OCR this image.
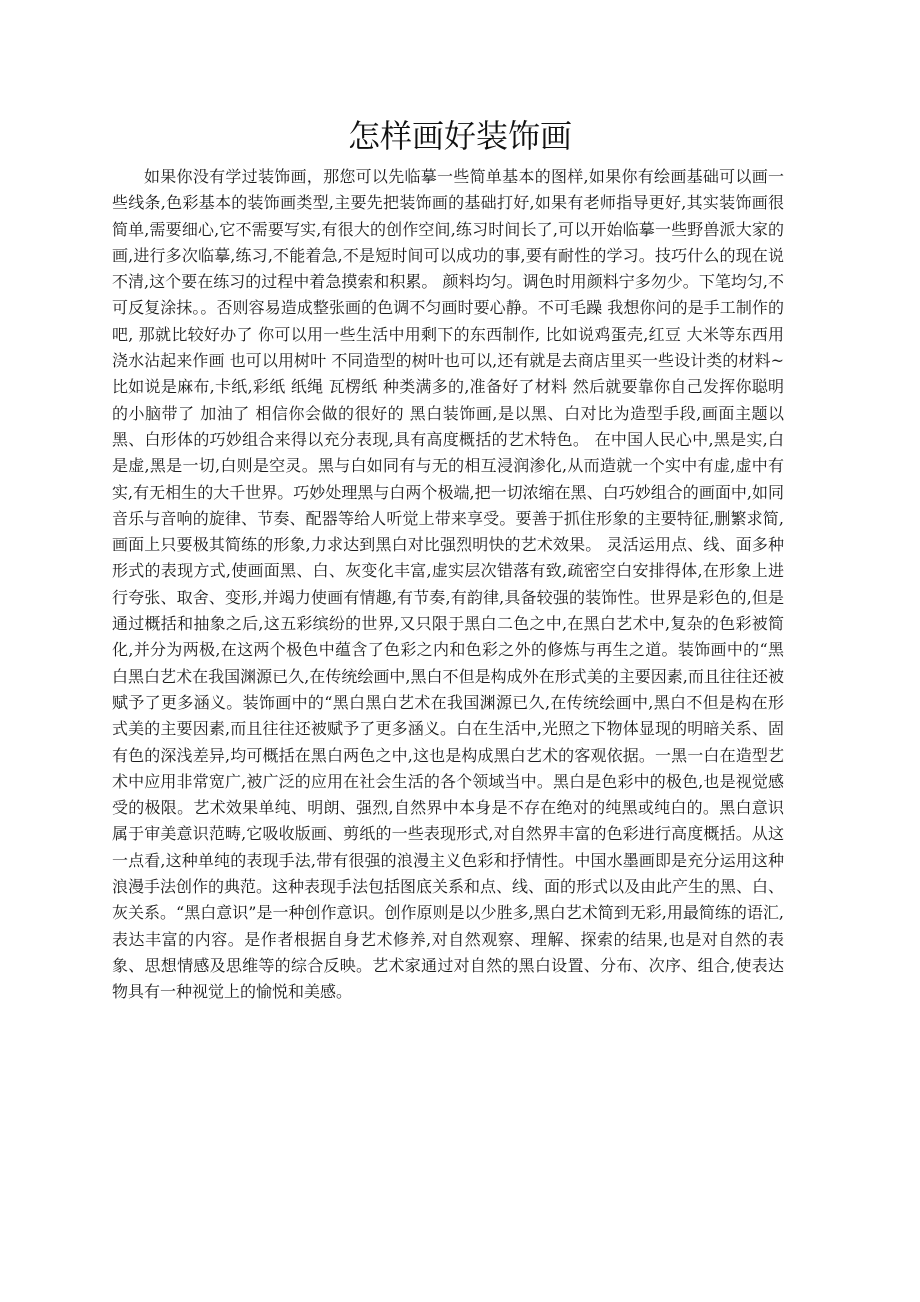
怎样画好装饰画

如果你没有学过装饰画，那您可以先临摹一些简单基本的图样,如果你有绘画基础可以画一些线条,色彩基本的装饰画类型,主要先把装饰画的基础打好,如果有老师指导更好,其实装饰画很简单,需要细心,它不需要写实,有很大的创作空间,练习时间长了,可以开始临摹一些野兽派大家的画,进行多次临摹,练习,不能着急,不是短时间可以成功的事,要有耐性的学习。技巧什么的现在说不清,这个要在练习的过程中着急摸索和积累。 颜料均匀。调色时用颜料宁多勿少。下笔均匀,不可反复涂抹。。否则容易造成整张画的色调不匀画时要心静。不可毛躁 我想你问的是手工制作的吧, 那就比较好办了 你可以用一些生活中用剩下的东西制作, 比如说鸡蛋壳,红豆 大米等东西用浇水沾起来作画 也可以用树叶 不同造型的树叶也可以,还有就是去商店里买一些设计类的材料~比如说是麻布,卡纸,彩纸 纸绳 瓦楞纸 种类满多的,准备好了材料 然后就要靠你自己发挥你聪明的小脑带了 加油了 相信你会做的很好的 黑白装饰画,是以黑、白对比为造型手段,画面主题以黑、白形体的巧妙组合来得以充分表现,具有高度概括的艺术特色。 在中国人民心中,黑是实,白是虚,黑是一切,白则是空灵。黑与白如同有与无的相互浸润渗化,从而造就一个实中有虚,虚中有实,有无相生的大千世界。巧妙处理黑与白两个极端,把一切浓缩在黑、白巧妙组合的画面中,如同音乐与音响的旋律、节奏、配器等给人听觉上带来享受。要善于抓住形象的主要特征,删繁求简,画面上只要极其简练的形象,力求达到黑白对比强烈明快的艺术效果。 灵活运用点、线、面多种形式的表现方式,使画面黑、白、灰变化丰富,虚实层次错落有致,疏密空白安排得体,在形象上进行夸张、取舍、变形,并竭力使画有情趣,有节奏,有韵律,具备较强的装饰性。世界是彩色的,但是通过概括和抽象之后,这五彩缤纷的世界,又只限于黑白二色之中,在黑白艺术中,复杂的色彩被简化,并分为两极,在这两个极色中蕴含了色彩之内和色彩之外的修炼与再生之道。装饰画中的“黑白黑白艺术在我国渊源已久,在传统绘画中,黑白不但是构成外在形式美的主要因素,而且往往还被赋予了更多涵义。装饰画中的“黑白黑白艺术在我国渊源已久,在传统绘画中,黑白不但是构在形式美的主要因素,而且往往还被赋予了更多涵义。白在生活中,光照之下物体显现的明暗关系、固有色的深浅差异,均可概括在黑白两色之中,这也是构成黑白艺术的客观依据。一黑一白在造型艺术中应用非常宽广,被广泛的应用在社会生活的各个领域当中。黑白是色彩中的极色,也是视觉感受的极限。艺术效果单纯、明朗、强烈,自然界中本身是不存在绝对的纯黑或纯白的。黑白意识属于审美意识范畴,它吸收版画、剪纸的一些表现形式,对自然界丰富的色彩进行高度概括。从这一点看,这种单纯的表现手法,带有很强的浪漫主义色彩和抒情性。中国水墨画即是充分运用这种浪漫手法创作的典范。这种表现手法包括图底关系和点、线、面的形式以及由此产生的黑、白、灰关系。“黑白意识”是一种创作意识。创作原则是以少胜多,黑白艺术简到无彩,用最简练的语汇,表达丰富的内容。是作者根据自身艺术修养,对自然观察、理解、探索的结果,也是对自然的表象、思想情感及思维等的综合反映。艺术家通过对自然的黑白设置、分布、次序、组合,使表达物具有一种视觉上的愉悦和美感。
